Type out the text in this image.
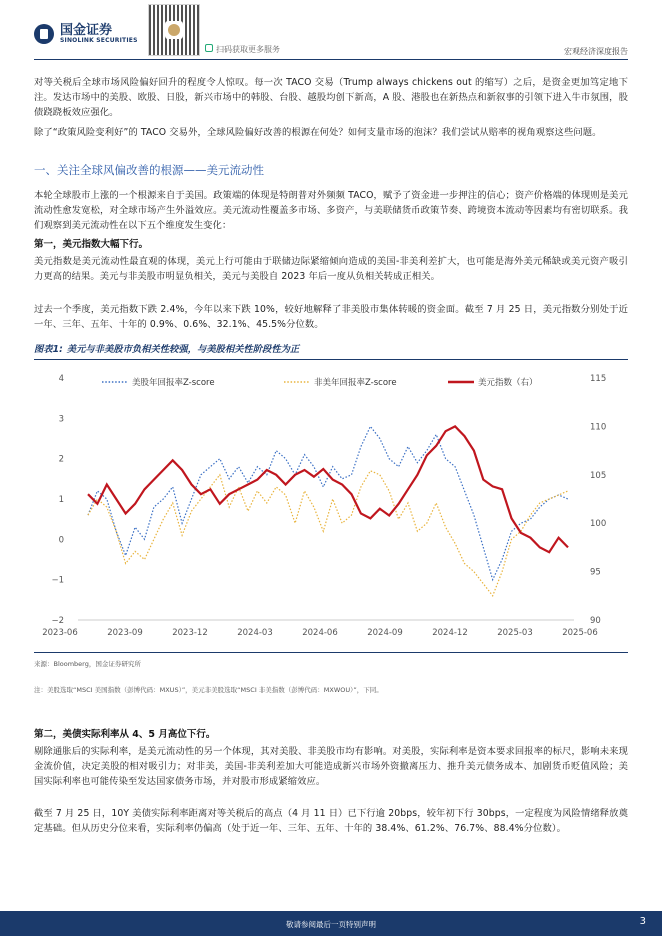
国金证券
SINOLINK SECURITIES
扫码获取更多服务	宏观经济深度报告
对等关税后全球市场风险偏好回升的程度令人惊叹。每一次 TACO 交易（Trump always chickens out 的缩写）之后，是资金更加笃定地下注。发达市场中的美股、欧股、日股，新兴市场中的韩股、台股、越股均创下新高，A 股、港股也在新热点和新叙事的引领下进入牛市氛围，股债跷跷板效应强化。
除了“政策风险变利好”的 TACO 交易外，全球风险偏好改善的根源在何处？如何支量市场的泡沫？我们尝试从赔率的视角观察这些问题。
一、关注全球风偏改善的根源——美元流动性
本轮全球股市上涨的一个根源来自于美国。政策端的体现是特朗普对外频频 TACO，赋予了资金进一步押注的信心；资产价格端的体现则是美元流动性愈发宽松，对全球市场产生外溢效应。美元流动性覆盖多市场、多资产，与美联储货币政策节奏、跨境资本流动等因素均有密切联系。我们观察到美元流动性在以下五个维度发生变化：
第一，美元指数大幅下行。
美元指数是美元流动性最直观的体现，美元上行可能由于联储边际紧缩倾向造成的美国-非美利差扩大，也可能是海外美元稀缺或美元资产吸引力更高的结果。美元与非美股市明显负相关，美元与美股自 2023 年后一度从负相关转成正相关。
过去一个季度，美元指数下跌 2.4%，今年以来下跌 10%，较好地解释了非美股市集体转暖的资金面。截至 7 月 25 日，美元指数分别处于近一年、三年、五年、十年的 0.9%、0.6%、32.1%、45.5%分位数。
图表1: 美元与非美股市负相关性较强，与美股相关性阶段性为正
4
3
2
1
0
−1
−2
115
110
105
100
95
90
2023-06	2023-09	2023-12	2024-03	2024-06	2024-09	2024-12	2025-03	2025-06
美股年回报率Z-score	非美年回报率Z-score	美元指数（右）
来源：Bloomberg，国金证券研究所
注：美股选取“MSCI 美国指数（彭博代码：MXUS）”，美元非美股选取“MSCI 非美指数（彭博代码：MXWOU）”，下同。
第二，美债实际利率从 4、5 月高位下行。
剔除通胀后的实际利率，是美元流动性的另一个体现，其对美股、非美股市均有影响。对美股，实际利率是资本要求回报率的标尺，影响未来现金流价值，决定美股的相对吸引力；对非美，美国-非美利差加大可能造成新兴市场外资撤离压力、推升美元债务成本、加剧货币贬值风险；美国实际利率也可能传染至发达国家债务市场，并对股市形成紧缩效应。
截至 7 月 25 日，10Y 美债实际利率距离对等关税后的高点（4 月 11 日）已下行逾 20bps，较年初下行 30bps，一定程度为风险情绪释放奠定基础。但从历史分位来看，实际利率仍偏高（处于近一年、三年、五年、十年的 38.4%、61.2%、76.7%、88.4%分位数）。
敬请参阅最后一页特别声明	3
